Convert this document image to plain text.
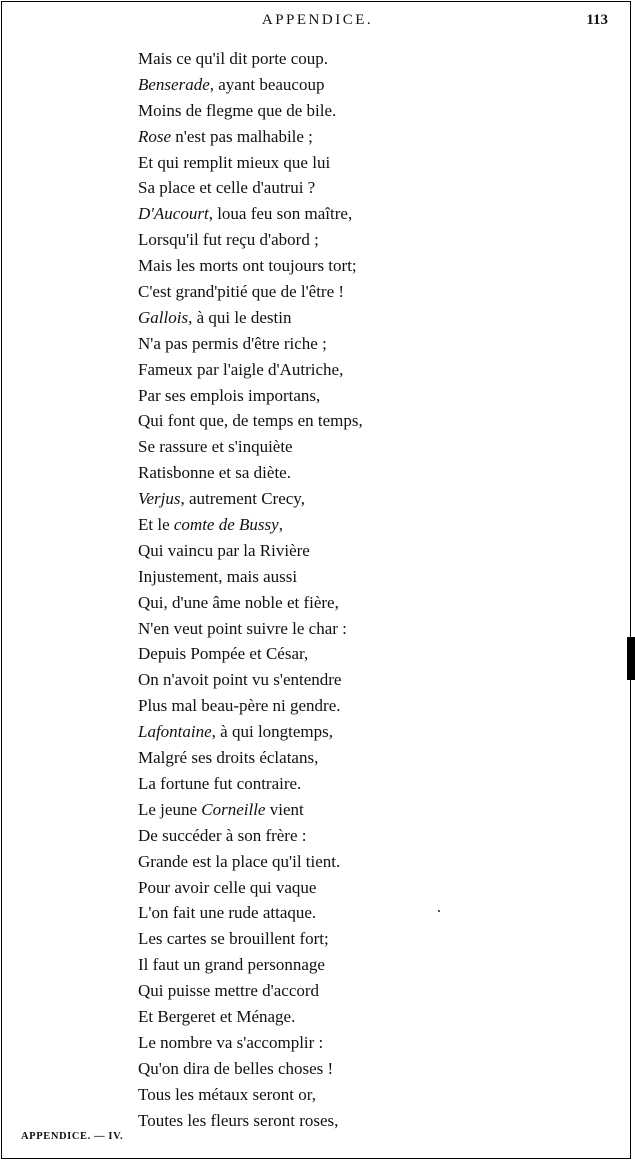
APPENDICE.	113
Mais ce qu'il dit porte coup.
Benserade, ayant beaucoup
Moins de flegme que de bile.
Rose n'est pas malhabile ;
Et qui remplit mieux que lui
Sa place et celle d'autrui ?
D'Aucourt, loua feu son maître,
Lorsqu'il fut reçu d'abord ;
Mais les morts ont toujours tort;
C'est grand'pitié que de l'être !
Gallois, à qui le destin
N'a pas permis d'être riche ;
Fameux par l'aigle d'Autriche,
Par ses emplois importans,
Qui font que, de temps en temps,
Se rassure et s'inquiète
Ratisbonne et sa diète.
Verjus, autrement Crecy,
Et le comte de Bussy,
Qui vaincu par la Rivière
Injustement, mais aussi
Qui, d'une âme noble et fière,
N'en veut point suivre le char :
Depuis Pompée et César,
On n'avoit point vu s'entendre
Plus mal beau-père ni gendre.
Lafontaine, à qui longtemps,
Malgré ses droits éclatans,
La fortune fut contraire.
Le jeune Corneille vient
De succéder à son frère :
Grande est la place qu'il tient.
Pour avoir celle qui vaque
L'on fait une rude attaque.
Les cartes se brouillent fort;
Il faut un grand personnage
Qui puisse mettre d'accord
Et Bergeret et Ménage.
Le nombre va s'accomplir :
Qu'on dira de belles choses !
Tous les métaux seront or,
Toutes les fleurs seront roses,
APPENDICE. — IV.
